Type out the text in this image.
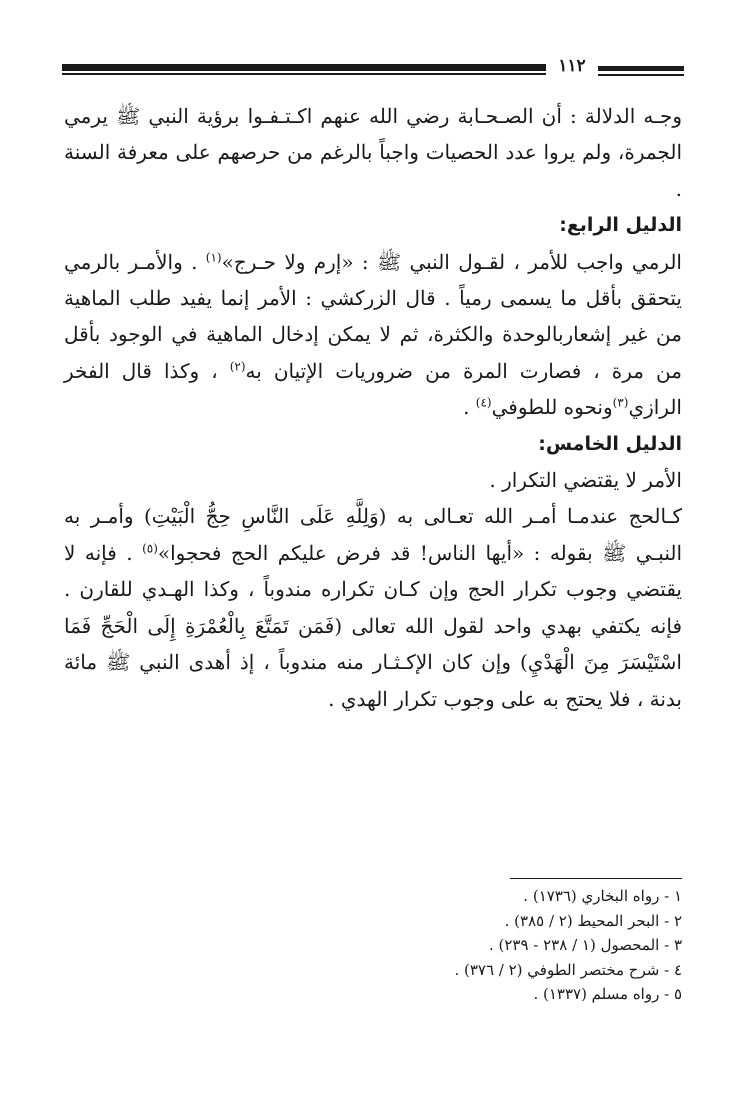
١١٢

وجـه الدلالة : أن الصـحـابة رضي الله عنهم اكـتـفـوا برؤية النبي ﷺ يرمي الجمرة، ولم يروا عدد الحصيات واجباً بالرغم من حرصهم على معرفة السنة .

الدليل الرابع:

الرمي واجب للأمر ، لقـول النبي ﷺ : «إرم ولا حـرج»$^{(١)}$ . والأمـر بالرمي يتحقق بأقل ما يسمى رمياً . قال الزركشي : الأمر إنما يفيد طلب الماهية من غير إشعاربالوحدة والكثرة، ثم لا يمكن إدخال الماهية في الوجود بأقل من مرة ، فصارت المرة من ضروريات الإتيان به$^{(٢)}$ ، وكذا قال الفخر الرازي$^{(٣)}$ونحوه للطوفي$^{(٤)}$ .

الدليل الخامس:

الأمر لا يقتضي التكرار .

كـالحج عندمـا أمـر الله تعـالى به (وَلِلَّهِ عَلَى النَّاسِ حِجُّ الْبَيْتِ) وأمـر به النبـي ﷺ بقوله : «أيها الناس! قد فرض عليكم الحج فحجوا»$^{(٥)}$ . فإنه لا يقتضي وجوب تكرار الحج وإن كـان تكراره مندوباً ، وكذا الهـدي للقارن . فإنه يكتفي بهدي واحد لقول الله تعالى (فَمَن تَمَتَّعَ بِالْعُمْرَةِ إِلَى الْحَجِّ فَمَا اسْتَيْسَرَ مِنَ الْهَدْيِ) وإن كان الإكـثـار منه مندوباً ، إذ أهدى النبي ﷺ مائة بدنة ، فلا يحتج به على وجوب تكرار الهدي .

١ - رواه البخاري (١٧٣٦) .

٢ - البحر المحيط (٢ / ٣٨٥) .

٣ - المحصول (١ / ٢٣٨ - ٢٣٩) .

٤ - شرح مختصر الطوفي (٢ / ٣٧٦) .

٥ - رواه مسلم (١٣٣٧) .
